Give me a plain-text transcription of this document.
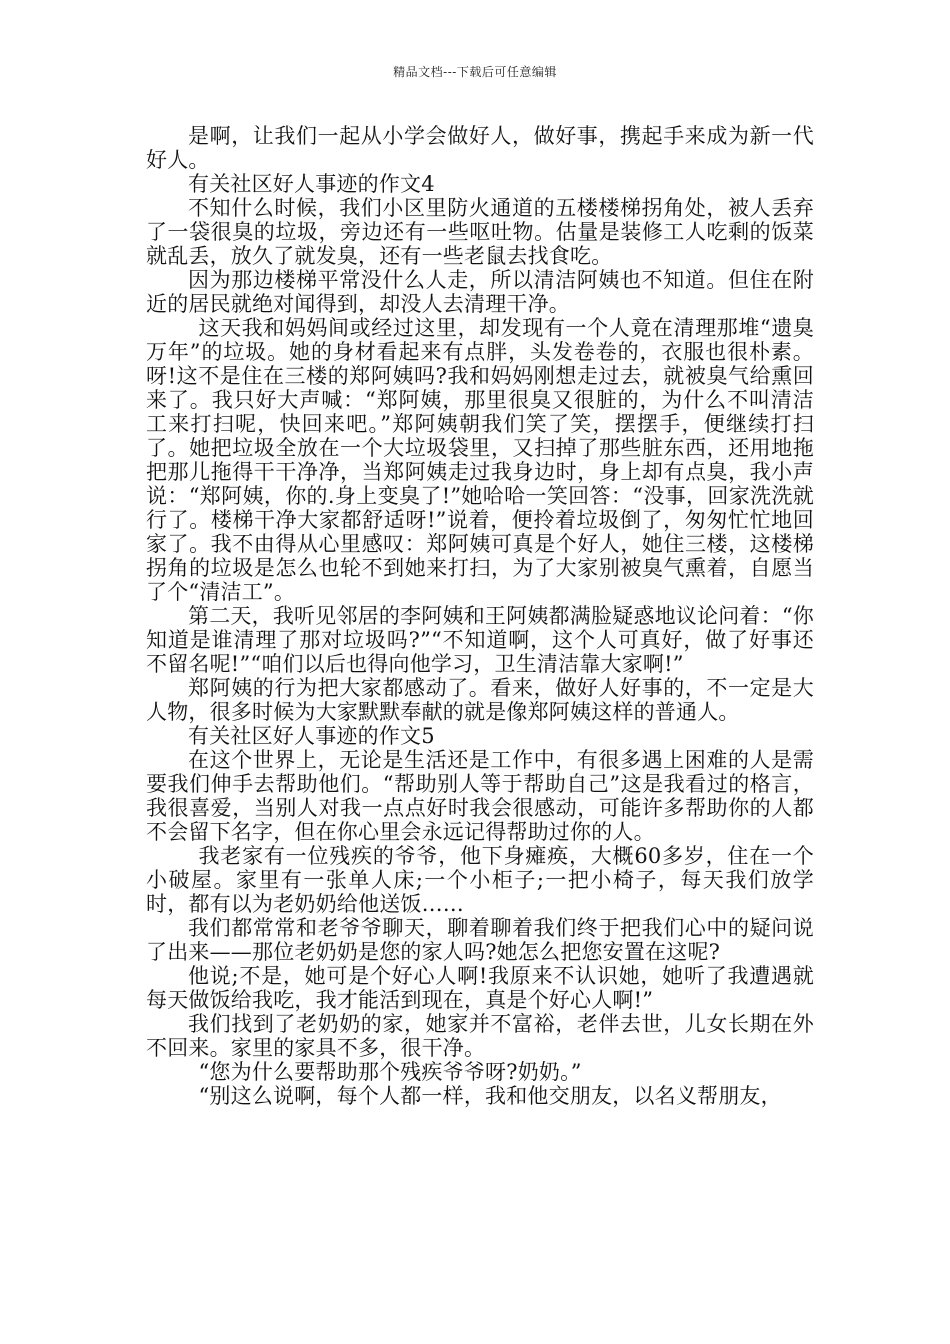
精品文档---下载后可任意编辑

是啊，让我们一起从小学会做好人，做好事，携起手来成为新一代好人。

有关社区好人事迹的作文4

不知什么时候，我们小区里防火通道的五楼楼梯拐角处，被人丢弃了一袋很臭的垃圾，旁边还有一些呕吐物。估量是装修工人吃剩的饭菜就乱丢，放久了就发臭，还有一些老鼠去找食吃。

因为那边楼梯平常没什么人走，所以清洁阿姨也不知道。但住在附近的居民就绝对闻得到，却没人去清理干净。

这天我和妈妈间或经过这里，却发现有一个人竟在清理那堆“遗臭万年”的垃圾。她的身材看起来有点胖，头发卷卷的，衣服也很朴素。呀!这不是住在三楼的郑阿姨吗?我和妈妈刚想走过去，就被臭气给熏回来了。我只好大声喊：“郑阿姨，那里很臭又很脏的，为什么不叫清洁工来打扫呢，快回来吧。”郑阿姨朝我们笑了笑，摆摆手，便继续打扫了。她把垃圾全放在一个大垃圾袋里，又扫掉了那些脏东西，还用地拖把那儿拖得干干净净，当郑阿姨走过我身边时，身上却有点臭，我小声说：“郑阿姨，你的.身上变臭了!”她哈哈一笑回答：“没事，回家洗洗就行了。楼梯干净大家都舒适呀!”说着，便拎着垃圾倒了，匆匆忙忙地回家了。我不由得从心里感叹：郑阿姨可真是个好人，她住三楼，这楼梯拐角的垃圾是怎么也轮不到她来打扫，为了大家别被臭气熏着，自愿当了个“清洁工”。

第二天，我听见邻居的李阿姨和王阿姨都满脸疑惑地议论问着：“你知道是谁清理了那对垃圾吗?”“不知道啊，这个人可真好，做了好事还不留名呢!”“咱们以后也得向他学习，卫生清洁靠大家啊!”

郑阿姨的行为把大家都感动了。看来，做好人好事的，不一定是大人物，很多时候为大家默默奉献的就是像郑阿姨这样的普通人。

有关社区好人事迹的作文5

在这个世界上，无论是生活还是工作中，有很多遇上困难的人是需要我们伸手去帮助他们。“帮助别人等于帮助自己”这是我看过的格言，我很喜爱，当别人对我一点点好时我会很感动，可能许多帮助你的人都不会留下名字，但在你心里会永远记得帮助过你的人。

我老家有一位残疾的爷爷，他下身瘫痪，大概60多岁，住在一个小破屋。家里有一张单人床;一个小柜子;一把小椅子，每天我们放学时，都有以为老奶奶给他送饭……

我们都常常和老爷爷聊天，聊着聊着我们终于把我们心中的疑问说了出来——那位老奶奶是您的家人吗?她怎么把您安置在这呢?

他说;不是，她可是个好心人啊!我原来不认识她，她听了我遭遇就每天做饭给我吃，我才能活到现在，真是个好心人啊!”

我们找到了老奶奶的家，她家并不富裕，老伴去世，儿女长期在外不回来。家里的家具不多，很干净。

“您为什么要帮助那个残疾爷爷呀?奶奶。”

“别这么说啊，每个人都一样，我和他交朋友，以名义帮朋友，
